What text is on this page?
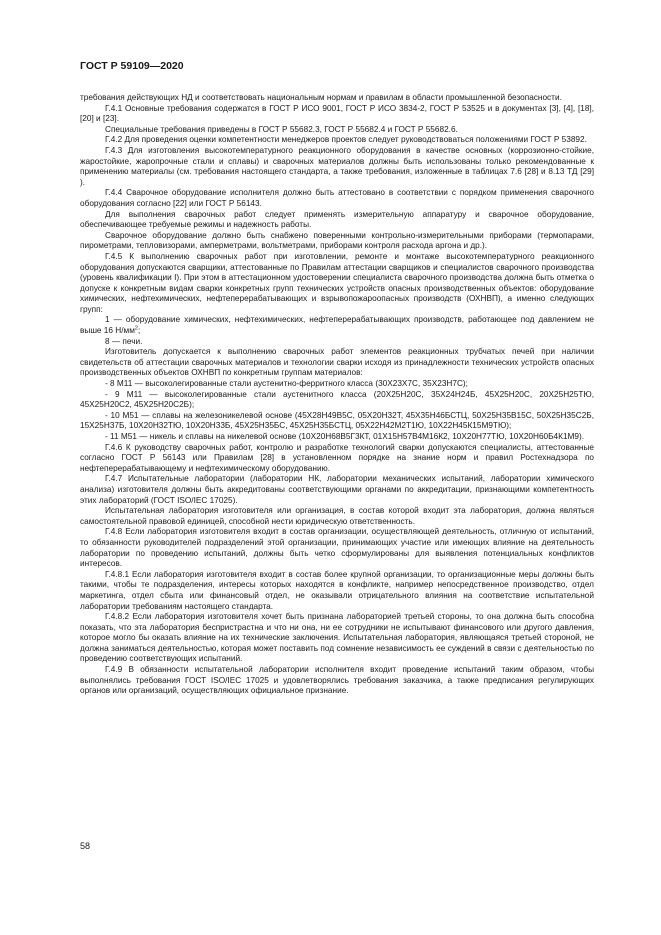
ГОСТ Р 59109—2020

требования действующих НД и соответствовать национальным нормам и правилам в области промышленной безопасности.

Г.4.1 Основные требования содержатся в ГОСТ Р ИСО 9001, ГОСТ Р ИСО 3834-2, ГОСТ Р 53525 и в документах [3], [4], [18], [20] и [23].

Специальные требования приведены в ГОСТ Р 55682.3, ГОСТ Р 55682.4 и ГОСТ Р 55682.6.

Г.4.2 Для проведения оценки компетентности менеджеров проектов следует руководствоваться положениями ГОСТ Р 53892.

Г.4.3 Для изготовления высокотемпературного реакционного оборудования в качестве основных (коррозионно-стойкие, жаростойкие, жаропрочные стали и сплавы) и сварочных материалов должны быть использованы только рекомендованные к применению материалы (см. требования настоящего стандарта, а также требования, изложенные в таблицах 7.6 [28] и 8.13 ТД [29] ).

Г.4.4 Сварочное оборудование исполнителя должно быть аттестовано в соответствии с порядком применения сварочного оборудования согласно [22] или ГОСТ Р 56143.

Для выполнения сварочных работ следует применять измерительную аппаратуру и сварочное оборудование, обеспечивающее требуемые режимы и надежность работы.

Сварочное оборудование должно быть снабжено поверенными контрольно-измерительными приборами (термопарами, пирометрами, тепловизорами, амперметрами, вольтметрами, приборами контроля расхода аргона и др.).

Г.4.5 К выполнению сварочных работ при изготовлении, ремонте и монтаже высокотемпературного реакционного оборудования допускаются сварщики, аттестованные по Правилам аттестации сварщиков и специалистов сварочного производства (уровень квалификации I). При этом в аттестационном удостоверении специалиста сварочного производства должна быть отметка о допуске к конкретным видам сварки конкретных групп технических устройств опасных производственных объектов: оборудование химических, нефтехимических, нефтеперерабатывающих и взрывопожароопасных производств (ОХНВП), а именно следующих групп:

1 — оборудование химических, нефтехимических, нефтеперерабатывающих производств, работающее под давлением не выше 16 $Н/мм^2$;

8 — печи.

Изготовитель допускается к выполнению сварочных работ элементов реакционных трубчатых печей при наличии свидетельств об аттестации сварочных материалов и технологии сварки исходя из принадлежности технических устройств опасных производственных объектов ОХНВП по конкретным группам материалов:

- 8 М11 — высоколегированные стали аустенитно-ферритного класса (30Х23Х7С, 35Х23Н7С);

- 9 М11 — высоколегированные стали аустенитного класса (20Х25Н20С, 35Х24Н24Б, 45Х25Н20С, 20Х25Н25ТЮ, 45Х25Н20С2, 45Х25Н20С2Б);

- 10 М51 — сплавы на железоникелевой основе (45Х28Н49В5С, 05Х20Н32Т, 45Х35Н46БСТЦ, 50Х25Н35В15С, 50Х25Н35С2Б, 15Х25Н37Б, 10Х20Н32ТЮ, 10Х20Н33Б, 45Х25Н35БС, 45Х25Н35БСТЦ, 05Х22Н42М2Т1Ю, 10Х22Н45К15М9ТЮ);

- 11 М51 — никель и сплавы на никелевой основе (10Х20Н68В5Г3КТ, 01Х15Н57В4М16К2, 10Х20Н77ТЮ, 10Х20Н60Б4К1М9).

Г.4.6 К руководству сварочных работ, контролю и разработке технологий сварки допускаются специалисты, аттестованные согласно ГОСТ Р 56143 или Правилам [28] в установленном порядке на знание норм и правил Ростехнадзора по нефтеперерабатывающему и нефтехимическому оборудованию.

Г.4.7 Испытательные лаборатории (лаборатории НК, лаборатории механических испытаний, лаборатории химического анализа) изготовителя должны быть аккредитованы соответствующими органами по аккредитации, признающими компетентность этих лабораторий (ГОСТ ISO/IEC 17025).

Испытательная лаборатория изготовителя или организация, в состав которой входит эта лаборатория, должна являться самостоятельной правовой единицей, способной нести юридическую ответственность.

Г.4.8 Если лаборатория изготовителя входит в состав организации, осуществляющей деятельность, отличную от испытаний, то обязанности руководителей подразделений этой организации, принимающих участие или имеющих влияние на деятельность лаборатории по проведению испытаний, должны быть четко сформулированы для выявления потенциальных конфликтов интересов.

Г.4.8.1 Если лаборатория изготовителя входит в состав более крупной организации, то организационные меры должны быть такими, чтобы те подразделения, интересы которых находятся в конфликте, например непосредственное производство, отдел маркетинга, отдел сбыта или финансовый отдел, не оказывали отрицательного влияния на соответствие испытательной лаборатории требованиям настоящего стандарта.

Г.4.8.2 Если лаборатория изготовителя хочет быть признана лабораторией третьей стороны, то она должна быть способна показать, что эта лаборатория беспристрастна и что ни она, ни ее сотрудники не испытывают финансового или другого давления, которое могло бы оказать влияние на их технические заключения. Испытательная лаборатория, являющаяся третьей стороной, не должна заниматься деятельностью, которая может поставить под сомнение независимость ее суждений в связи с деятельностью по проведению соответствующих испытаний.

Г.4.9 В обязанности испытательной лаборатории исполнителя входит проведение испытаний таким образом, чтобы выполнялись требования ГОСТ ISO/IEC 17025 и удовлетворялись требования заказчика, а также предписания регулирующих органов или организаций, осуществляющих официальное признание.

58
